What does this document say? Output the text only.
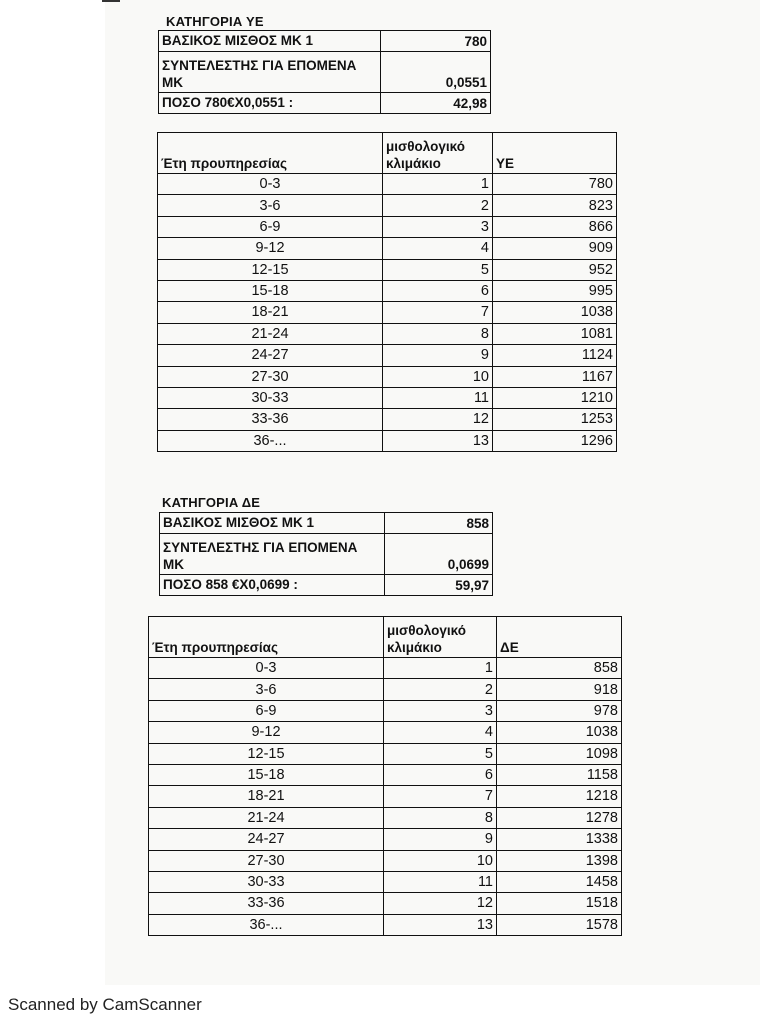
ΚΑΤΗΓΟΡΙΑ ΥΕ
ΒΑΣΙΚΟΣ ΜΙΣΘΟΣ ΜΚ 1	780
ΣΥΝΤΕΛΕΣΤΗΣ ΓΙΑ ΕΠΟΜΕΝΑ ΜΚ	0,0551
ΠΟΣΟ 780€Χ0,0551 :	42,98
Έτη προυπηρεσίας	μισθολογικό κλιμάκιο	ΥΕ
0-3	1	780
3-6	2	823
6-9	3	866
9-12	4	909
12-15	5	952
15-18	6	995
18-21	7	1038
21-24	8	1081
24-27	9	1124
27-30	10	1167
30-33	11	1210
33-36	12	1253
36-...	13	1296
ΚΑΤΗΓΟΡΙΑ ΔΕ
ΒΑΣΙΚΟΣ ΜΙΣΘΟΣ ΜΚ 1	858
ΣΥΝΤΕΛΕΣΤΗΣ ΓΙΑ ΕΠΟΜΕΝΑ ΜΚ	0,0699
ΠΟΣΟ 858 €Χ0,0699 :	59,97
Έτη προυπηρεσίας	μισθολογικό κλιμάκιο	ΔΕ
0-3	1	858
3-6	2	918
6-9	3	978
9-12	4	1038
12-15	5	1098
15-18	6	1158
18-21	7	1218
21-24	8	1278
24-27	9	1338
27-30	10	1398
30-33	11	1458
33-36	12	1518
36-...	13	1578
Scanned by CamScanner
